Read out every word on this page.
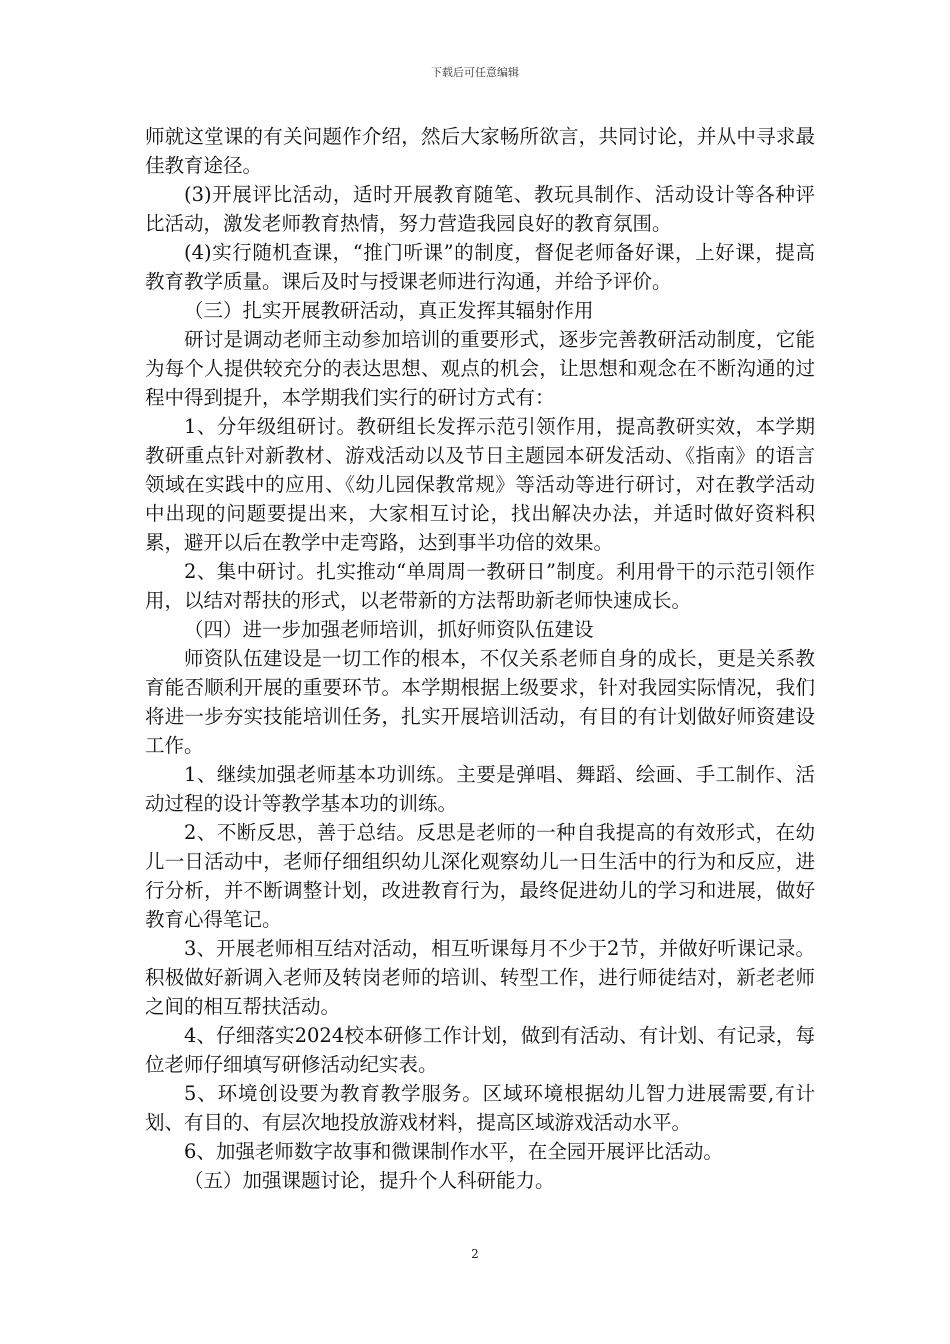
下载后可任意编辑

师就这堂课的有关问题作介绍，然后大家畅所欲言，共同讨论，并从中寻求最佳教育途径。

(3)开展评比活动，适时开展教育随笔、教玩具制作、活动设计等各种评比活动，激发老师教育热情，努力营造我园良好的教育氛围。

(4)实行随机查课，“推门听课”的制度，督促老师备好课，上好课，提高教育教学质量。课后及时与授课老师进行沟通，并给予评价。

（三）扎实开展教研活动，真正发挥其辐射作用

研讨是调动老师主动参加培训的重要形式，逐步完善教研活动制度，它能为每个人提供较充分的表达思想、观点的机会，让思想和观念在不断沟通的过程中得到提升，本学期我们实行的研讨方式有：

1、分年级组研讨。教研组长发挥示范引领作用，提高教研实效，本学期教研重点针对新教材、游戏活动以及节日主题园本研发活动、《指南》的语言领域在实践中的应用、《幼儿园保教常规》等活动等进行研讨，对在教学活动中出现的问题要提出来，大家相互讨论，找出解决办法，并适时做好资料积累，避开以后在教学中走弯路，达到事半功倍的效果。

2、集中研讨。扎实推动“单周周一教研日”制度。利用骨干的示范引领作用，以结对帮扶的形式，以老带新的方法帮助新老师快速成长。

（四）进一步加强老师培训，抓好师资队伍建设

师资队伍建设是一切工作的根本，不仅关系老师自身的成长，更是关系教育能否顺利开展的重要环节。本学期根据上级要求，针对我园实际情况，我们将进一步夯实技能培训任务，扎实开展培训活动，有目的有计划做好师资建设工作。

1、继续加强老师基本功训练。主要是弹唱、舞蹈、绘画、手工制作、活动过程的设计等教学基本功的训练。

2、不断反思，善于总结。反思是老师的一种自我提高的有效形式，在幼儿一日活动中，老师仔细组织幼儿深化观察幼儿一日生活中的行为和反应，进行分析，并不断调整计划，改进教育行为，最终促进幼儿的学习和进展，做好教育心得笔记。

3、开展老师相互结对活动，相互听课每月不少于2节，并做好听课记录。积极做好新调入老师及转岗老师的培训、转型工作，进行师徒结对，新老老师之间的相互帮扶活动。

4、仔细落实2024校本研修工作计划，做到有活动、有计划、有记录，每位老师仔细填写研修活动纪实表。

5、环境创设要为教育教学服务。区域环境根据幼儿智力进展需要,有计划、有目的、有层次地投放游戏材料，提高区域游戏活动水平。

6、加强老师数字故事和微课制作水平，在全园开展评比活动。

（五）加强课题讨论，提升个人科研能力。

2
